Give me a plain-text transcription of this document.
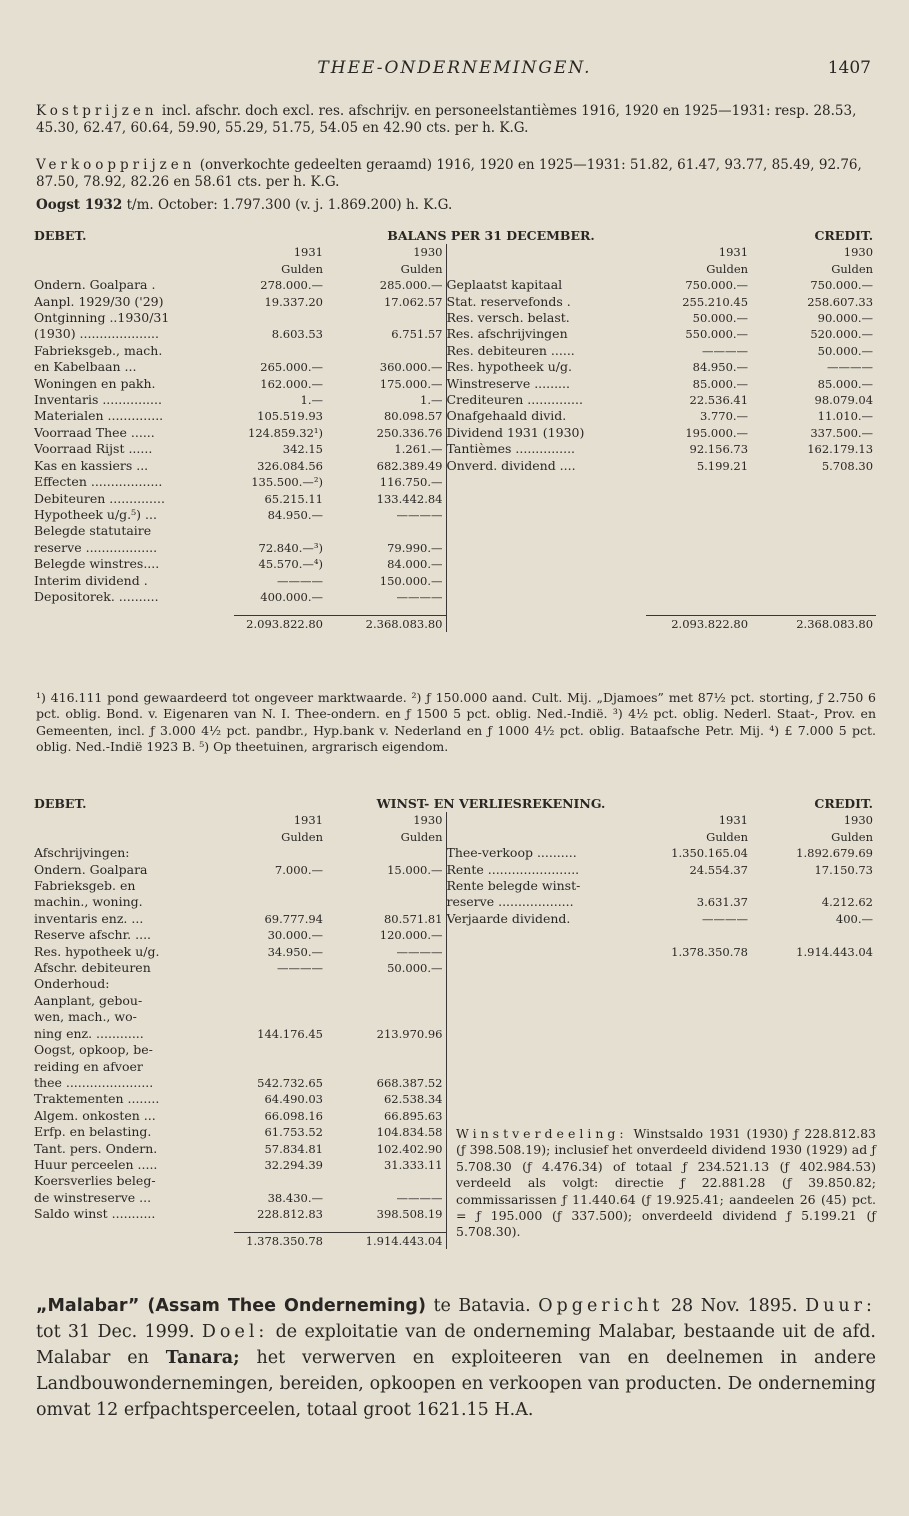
THEE-ONDERNEMINGEN.	1407

Kostprijzen incl. afschr. doch excl. res. afschrijv. en personeelstantièmes 1916, 1920 en 1925—1931: resp. 28.53, 45.30, 62.47, 60.64, 59.90, 55.29, 51.75, 54.05 en 42.90 cts. per h. K.G.

Verkoopprijzen (onverkochte gedeelten geraamd) 1916, 1920 en 1925—1931: 51.82, 61.47, 93.77, 85.49, 92.76, 87.50, 78.92, 82.26 en 58.61 cts. per h. K.G.

Oogst 1932 t/m. October: 1.797.300 (v. j. 1.869.200) h. K.G.

DEBET.	BALANS PER 31 DECEMBER.				CREDIT.
	1931	1930		1931	1930
	Gulden	Gulden		Gulden	Gulden
Ondern. Goalpara .	278.000.—	285.000.—	Geplaatst kapitaal	750.000.—	750.000.—
Aanpl. 1929/30 ('29)	19.337.20	17.062.57	Stat. reservefonds .	255.210.45	258.607.33
Ontginning ..1930/31			Res. versch. belast.	50.000.—	90.000.—
(1930) ....................	8.603.53	6.751.57	Res. afschrijvingen	550.000.—	520.000.—
Fabrieksgeb., mach.			Res. debiteuren ......	————	50.000.—
en Kabelbaan ...	265.000.—	360.000.—	Res. hypotheek u/g.	84.950.—	————
Woningen en pakh.	162.000.—	175.000.—	Winstreserve .........	85.000.—	85.000.—
Inventaris ...............	1.—	1.—	Crediteuren ..............	22.536.41	98.079.04
Materialen ..............	105.519.93	80.098.57	Onafgehaald divid.	3.770.—	11.010.—
Voorraad Thee ......	124.859.32¹)	250.336.76	Dividend 1931 (1930)	195.000.—	337.500.—
Voorraad Rijst ......	342.15	1.261.—	Tantièmes ...............	92.156.73	162.179.13
Kas en kassiers ...	326.084.56	682.389.49	Onverd. dividend ....	5.199.21	5.708.30
Effecten ..................	135.500.—²)	116.750.—			
Debiteuren ..............	65.215.11	133.442.84			
Hypotheek u/g.⁵) ...	84.950.—	————			
Belegde statutaire					
reserve ..................	72.840.—³)	79.990.—			
Belegde winstres....	45.570.—⁴)	84.000.—			
Interim dividend .	————	150.000.—			
Depositorek. ..........	400.000.—	————			

	2.093.822.80	2.368.083.80		2.093.822.80	2.368.083.80

¹) 416.111 pond gewaardeerd tot ongeveer marktwaarde. ²) ƒ 150.000 aand. Cult. Mij. „Djamoes” met 87½ pct. storting, ƒ 2.750 6 pct. oblig. Bond. v. Eigenaren van N. I. Thee-ondern. en ƒ 1500 5 pct. oblig. Ned.-Indië. ³) 4½ pct. oblig. Nederl. Staat-, Prov. en Gemeenten, incl. ƒ 3.000 4½ pct. pandbr., Hyp.bank v. Nederland en ƒ 1000 4½ pct. oblig. Bataafsche Petr. Mij. ⁴) £ 7.000 5 pct. oblig. Ned.-Indië 1923 B. ⁵) Op theetuinen, argrarisch eigendom.

DEBET.	WINST- EN VERLIESREKENING.				CREDIT.
	1931	1930		1931	1930
	Gulden	Gulden		Gulden	Gulden
Afschrijvingen:			Thee-verkoop ..........	1.350.165.04	1.892.679.69
Ondern. Goalpara	7.000.—	15.000.—	Rente .......................	24.554.37	17.150.73
Fabrieksgeb. en			Rente belegde winst-		
machin., woning.			reserve ...................	3.631.37	4.212.62
inventaris enz. ...	69.777.94	80.571.81	Verjaarde dividend.	————	400.—
Reserve afschr. ....	30.000.—	120.000.—			
Res. hypotheek u/g.	34.950.—	————		1.378.350.78	1.914.443.04
Afschr. debiteuren	————	50.000.—			
Onderhoud:					
Aanplant, gebou-					
wen, mach., wo-					
ning enz. ............	144.176.45	213.970.96			
Oogst, opkoop, be-					
reiding en afvoer					
thee ......................	542.732.65	668.387.52			
Traktementen ........	64.490.03	62.538.34			
Algem. onkosten ...	66.098.16	66.895.63			
Erfp. en belasting.	61.753.52	104.834.58			
Tant. pers. Ondern.	57.834.81	102.402.90			
Huur perceelen .....	32.294.39	31.333.11			
Koersverlies beleg-					
de winstreserve ...	38.430.—	————			
Saldo winst ...........	228.812.83	398.508.19			

	1.378.350.78	1.914.443.04			

Winstverdeeling: Winstsaldo 1931 (1930) ƒ 228.812.83 (ƒ 398.508.19); inclusief het onverdeeld dividend 1930 (1929) ad ƒ 5.708.30 (ƒ 4.476.34) of totaal ƒ 234.521.13 (ƒ 402.984.53) verdeeld als volgt: directie ƒ 22.881.28 (ƒ 39.850.82; commissarissen ƒ 11.440.64 (ƒ 19.925.41; aandeelen 26 (45) pct. = ƒ 195.000 (ƒ 337.500); onverdeeld dividend ƒ 5.199.21 (ƒ 5.708.30).

„Malabar” (Assam Thee Onderneming) te Batavia. Opgericht 28 Nov. 1895. Duur: tot 31 Dec. 1999. Doel: de exploitatie van de onderneming Malabar, bestaande uit de afd. Malabar en Tanara; het verwerven en exploiteeren van en deelnemen in andere Landbouwondernemingen, bereiden, opkoopen en verkoopen van producten. De onderneming omvat 12 erfpachtsperceelen, totaal groot 1621.15 H.A.
